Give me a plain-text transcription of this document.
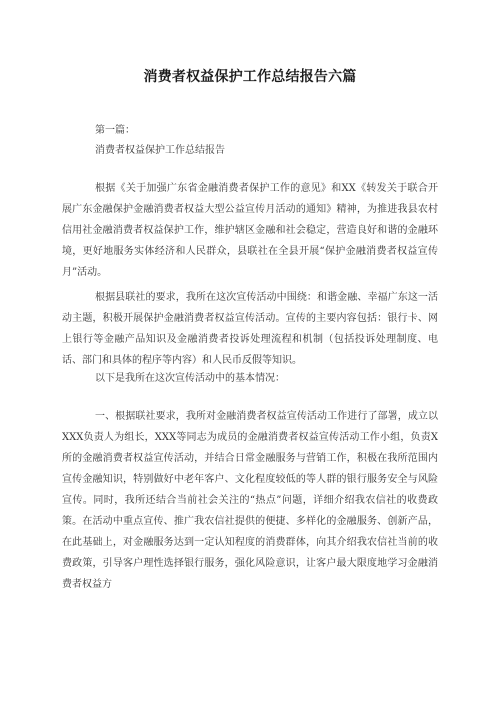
消费者权益保护工作总结报告六篇
第一篇：
消费者权益保护工作总结报告

根据《关于加强广东省金融消费者保护工作的意见》和XX《转发关于联合开展广东金融保护金融消费者权益大型公益宣传月活动的通知》精神，为推进我县农村信用社金融消费者权益保护工作，维护辖区金融和社会稳定，营造良好和谐的金融环境，更好地服务实体经济和人民群众，县联社在全县开展“保护金融消费者权益宣传月”活动。

根据县联社的要求，我所在这次宣传活动中围绕：和谐金融、幸福广东这一活动主题，积极开展保护金融消费者权益宣传活动。宣传的主要内容包括：银行卡、网上银行等金融产品知识及金融消费者投诉处理流程和机制（包括投诉处理制度、电话、部门和具体的程序等内容）和人民币反假等知识。

以下是我所在这次宣传活动中的基本情况：

一、根据联社要求，我所对金融消费者权益宣传活动工作进行了部署，成立以XXX负责人为组长，XXX等同志为成员的金融消费者权益宣传活动工作小组，负责X所的金融消费者权益宣传活动，并结合日常金融服务与营销工作，积极在我所范围内宣传金融知识，特别做好中老年客户、文化程度较低的等人群的银行服务安全与风险宣传。同时，我所还结合当前社会关注的“热点”问题，详细介绍我农信社的收费政策。在活动中重点宣传、推广我农信社提供的便捷、多样化的金融服务、创新产品，在此基础上，对金融服务达到一定认知程度的消费群体，向其介绍我农信社当前的收费政策，引导客户理性选择银行服务，强化风险意识，让客户最大限度地学习金融消费者权益方
